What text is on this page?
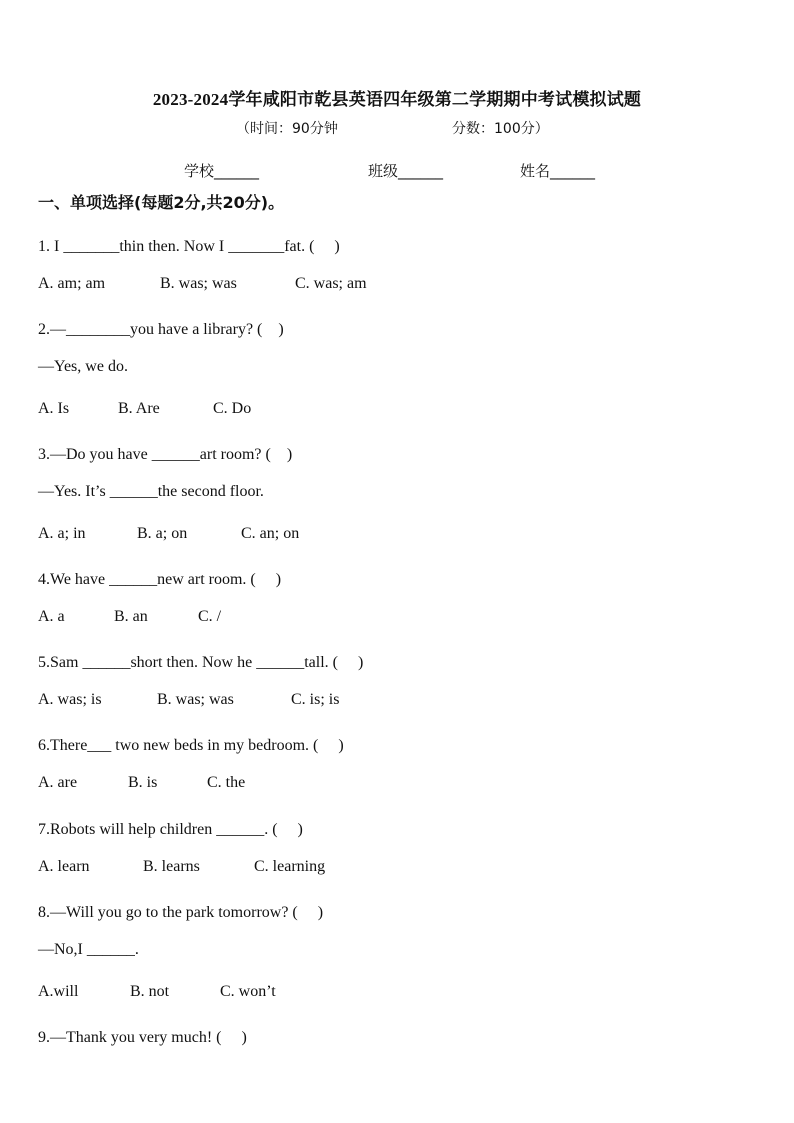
2023-2024学年咸阳市乾县英语四年级第二学期期中考试模拟试题
（时间：90分钟	分数：100分）
学校______	班级______	姓名______
一、单项选择(每题2分,共20分)。
1. I _______thin then. Now I _______fat. (　 )
A. am; am	B. was; was	C. was; am
2.—________you have a library? (　)
—Yes, we do.
A. Is	B. Are	C. Do
3.—Do you have ______art room? (　)
—Yes. It’s ______the second floor.
A. a; in	B. a; on	C. an; on
4.We have ______new art room. (　 )
A. a	B. an	C. /
5.Sam ______short then. Now he ______tall. (　 )
A. was; is	B. was; was	C. is; is
6.There___ two new beds in my bedroom. (　 )
A. are	B. is	C. the
7.Robots will help children ______. (　 )
A. learn	B. learns	C. learning
8.—Will you go to the park tomorrow? (　 )
—No,I ______.
A.will	B. not	C. won’t
9.—Thank you very much! (　 )
